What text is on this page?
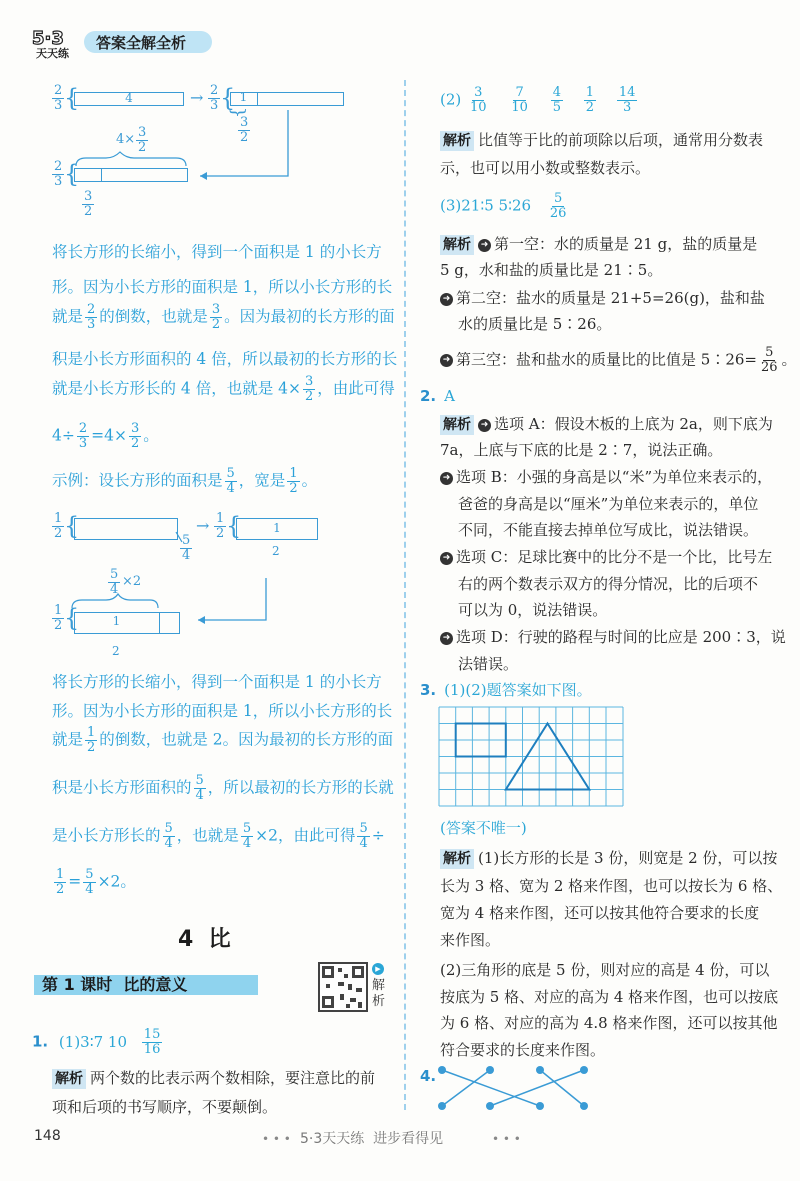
5·3
天天练
答案全解全析
$\frac{2}{3}$ {	4	→ $\frac{2}{3}$ { 1
{
$\frac{3}{2}$
$4\times \frac{3}{2}$
$\frac{2}{3}$ {
$\frac{3}{2}$
将长方形的长缩小，得到一个面积是 1 的小长方
形。因为小长方形的面积是 1，所以小长方形的长
就是 $\frac{2}{3}$ 的倒数，也就是 $\frac{3}{2}$ 。因为最初的长方形的面
积是小长方形面积的 4 倍，所以最初的长方形的长
就是小长方形长的 4 倍，也就是 $4\times \frac{3}{2}$ ，由此可得
$4\div \frac{2}{3} =4\times \frac{3}{2}$ 。
示例：设长方形的面积是 $\frac{5}{4}$ ，宽是 $\frac{1}{2}$ 。
$\frac{1}{2}$ {
$\frac{5}{4}$
→ $\frac{1}{2}$ {	1
2
$\frac{5}{4} \times 2$
$\frac{1}{2}$ {	1
2
将长方形的长缩小，得到一个面积是 1 的小长方
形。因为小长方形的面积是 1，所以小长方形的长
就是 $\frac{1}{2}$ 的倒数，也就是 2。因为最初的长方形的面
积是小长方形面积的 $\frac{5}{4}$ ，所以最初的长方形的长就
是小长方形长的 $\frac{5}{4}$ ，也就是 $\frac{5}{4} \times 2$，由此可得 $\frac{5}{4}$ ÷
$\frac{1}{2} = \frac{5}{4} \times 2$。
4  比
第 1 课时  比的意义
▶
解析
1. (1)3∶7 $10 \frac{15}{16}$
解析 两个数的比表示两个数相除，要注意比的前
项和后项的书写顺序，不要颠倒。
148
$(2) \frac{3}{10}$
$\frac{7}{10}$
$\frac{4}{5}$
$\frac{1}{2}$
$\frac{14}{3}$
解析 比值等于比的前项除以后项，通常用分数表
示，也可以用小数或整数表示。
(3)21∶5 5∶26 $\frac{5}{26}$
解析 ➜ 第一空：水的质量是 21 g，盐的质量是
5 g，水和盐的质量比是 21∶5。
➜ 第二空：盐水的质量是 21+5=26(g)，盐和盐
水的质量比是 5∶26。
➜ 第三空：盐和盐水的质量比的比值是 5∶26= $\frac{5}{26}$ 。
2. A
解析 ➜ 选项 A：假设木板的上底为 2a，则下底为
7a，上底与下底的比是 2∶7，说法正确。
➜ 选项 B：小强的身高是以“米”为单位来表示的，
爸爸的身高是以“厘米”为单位来表示的，单位
不同，不能直接去掉单位写成比，说法错误。
➜ 选项 C：足球比赛中的比分不是一个比，比号左
右的两个数表示双方的得分情况，比的后项不
可以为 0，说法错误。
➜ 选项 D：行驶的路程与时间的比应是 200∶3，说
法错误。
3. (1)(2)题答案如下图。
(答案不唯一)
解析 (1)长方形的长是 3 份，则宽是 2 份，可以按
长为 3 格、宽为 2 格来作图，也可以按长为 6 格、
宽为 4 格来作图，还可以按其他符合要求的长度
来作图。
(2)三角形的底是 5 份，则对应的高是 4 份，可以
按底为 5 格、对应的高为 4 格来作图，也可以按底
为 6 格、对应的高为 4.8 格来作图，还可以按其他
符合要求的长度来作图。
4.
• • • 5·3天天练  进步看得见	• • •
